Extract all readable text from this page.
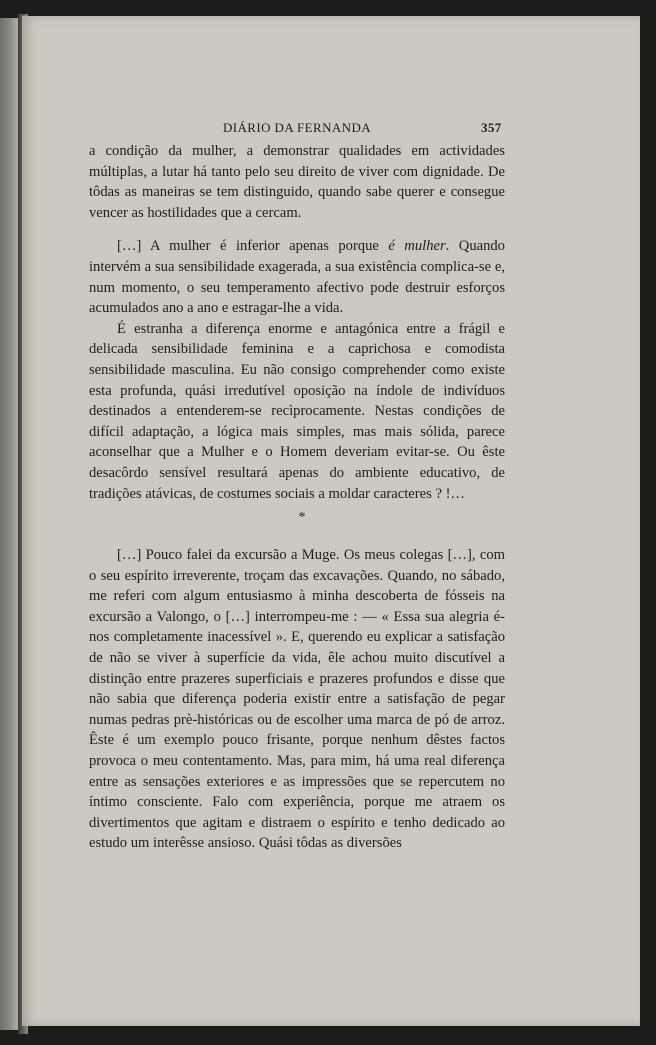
DIÁRIO DA FERNANDA	357

a condição da mulher, a demonstrar qualidades em actividades múltiplas, a lutar há tanto pelo seu direito de viver com dignidade. De tôdas as maneiras se tem distinguido, quando sabe querer e consegue vencer as hostilidades que a cercam.

[…] A mulher é inferior apenas porque é mulher. Quando intervém a sua sensibilidade exagerada, a sua existência complica-se e, num momento, o seu temperamento afectivo pode destruir esforços acumulados ano a ano e estragar-lhe a vida.

É estranha a diferença enorme e antagónica entre a frágil e delicada sensibilidade feminina e a caprichosa e comodista sensibilidade masculina. Eu não consigo comprehender como existe esta profunda, quási irredutível oposição na índole de indivíduos destinados a entenderem-se recìprocamente. Nestas condições de difícil adaptação, a lógica mais simples, mas mais sólida, parece aconselhar que a Mulher e o Homem deveriam evitar-se. Ou êste desacôrdo sensível resultará apenas do ambiente educativo, de tradições atávicas, de costumes sociais a moldar caracteres ? !…

*

[…] Pouco falei da excursão a Muge. Os meus colegas […], com o seu espírito irreverente, troçam das excavações. Quando, no sábado, me referi com algum entusiasmo à minha descoberta de fósseis na excursão a Valongo, o […] interrompeu-me : — « Essa sua alegria é-nos completamente inacessível ». E, querendo eu explicar a satisfação de não se viver à superfície da vida, êle achou muito discutível a distinção entre prazeres superficiais e prazeres profundos e disse que não sabia que diferença poderia existir entre a satisfação de pegar numas pedras prè-históricas ou de escolher uma marca de pó de arroz. Êste é um exemplo pouco frisante, porque nenhum dêstes factos provoca o meu contentamento. Mas, para mim, há uma real diferença entre as sensações exteriores e as impressões que se repercutem no íntimo consciente. Falo com experiência, porque me atraem os divertimentos que agitam e distraem o espírito e tenho dedicado ao estudo um interêsse ansioso. Quási tôdas as diversões
